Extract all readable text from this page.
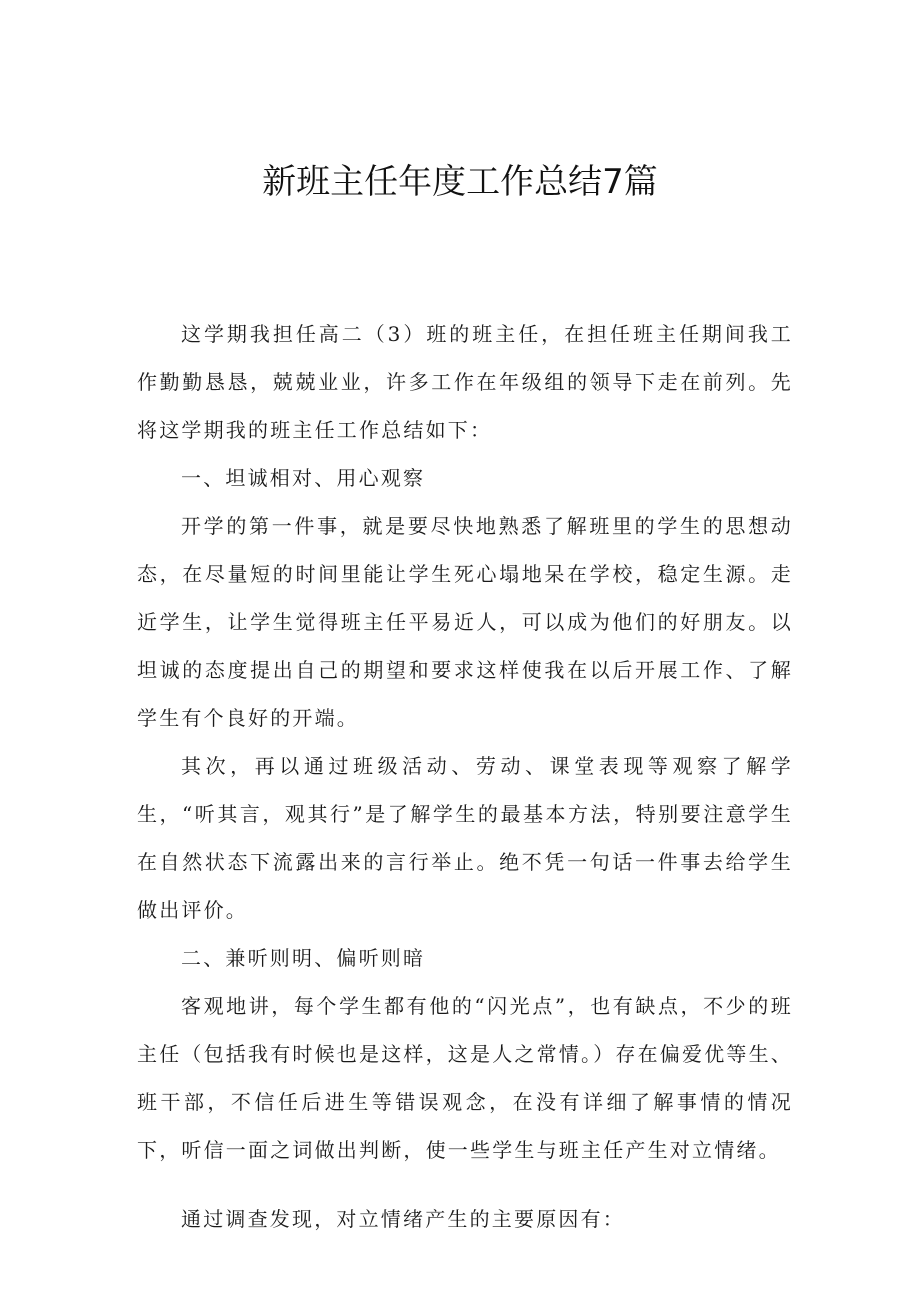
新班主任年度工作总结7篇

这学期我担任高二（3）班的班主任，在担任班主任期间我工作勤勤恳恳，兢兢业业，许多工作在年级组的领导下走在前列。先将这学期我的班主任工作总结如下：

一、坦诚相对、用心观察

开学的第一件事，就是要尽快地熟悉了解班里的学生的思想动态，在尽量短的时间里能让学生死心塌地呆在学校，稳定生源。走近学生，让学生觉得班主任平易近人，可以成为他们的好朋友。以坦诚的态度提出自己的期望和要求这样使我在以后开展工作、了解学生有个良好的开端。

其次，再以通过班级活动、劳动、课堂表现等观察了解学生，“听其言，观其行”是了解学生的最基本方法，特别要注意学生在自然状态下流露出来的言行举止。绝不凭一句话一件事去给学生做出评价。

二、兼听则明、偏听则暗

客观地讲，每个学生都有他的“闪光点”，也有缺点，不少的班主任（包括我有时候也是这样，这是人之常情。）存在偏爱优等生、班干部，不信任后进生等错误观念，在没有详细了解事情的情况下，听信一面之词做出判断，使一些学生与班主任产生对立情绪。

通过调查发现，对立情绪产生的主要原因有：
